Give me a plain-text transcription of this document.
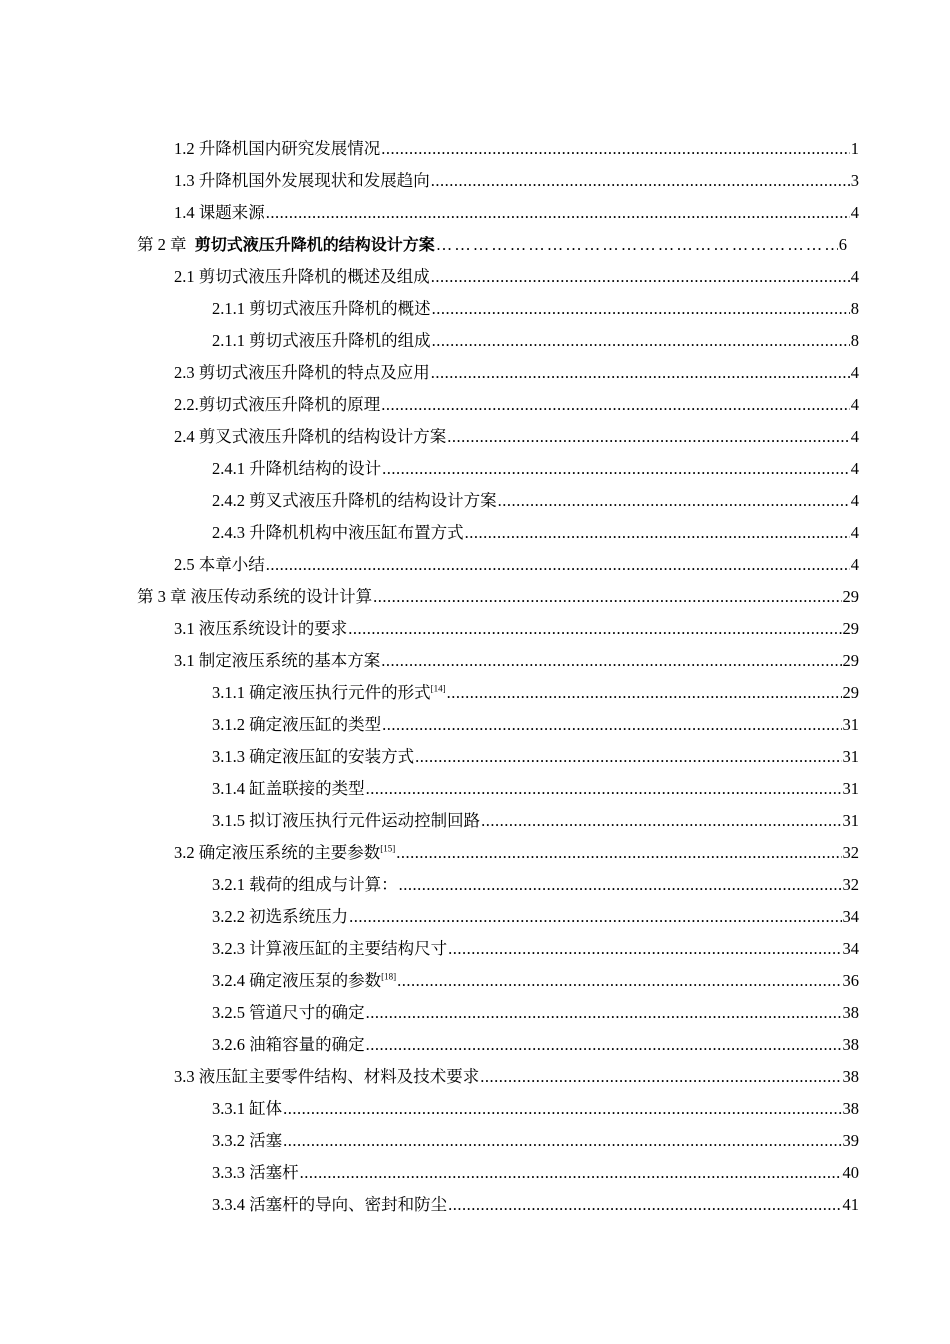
1.2 升降机国内研究发展情况 .....	1
1.3 升降机国外发展现状和发展趋向 .....	3
1.4 课题来源 .....	4
第 2 章  剪切式液压升降机的结构设计方案 ……………………………………………………………………………………………………	6
2.1 剪切式液压升降机的概述及组成 .....	4
2.1.1 剪切式液压升降机的概述 .....	8
2.1.1 剪切式液压升降机的组成 .....	8
2.3 剪切式液压升降机的特点及应用 .....	4
2.2.剪切式液压升降机的原理 .....	4
2.4 剪叉式液压升降机的结构设计方案 .....	4
2.4.1 升降机结构的设计 .....	4
2.4.2 剪叉式液压升降机的结构设计方案 .....	4
2.4.3 升降机机构中液压缸布置方式 .....	4
2.5 本章小结 .....	4
第 3 章 液压传动系统的设计计算 .....	29
3.1 液压系统设计的要求 .....	29
3.1 制定液压系统的基本方案 .....	29
3.1.1 确定液压执行元件的形式[14] .....	29
3.1.2 确定液压缸的类型 .....	31
3.1.3 确定液压缸的安装方式 .....	31
3.1.4 缸盖联接的类型 .....	31
3.1.5 拟订液压执行元件运动控制回路 .....	31
3.2 确定液压系统的主要参数[15] .....	32
3.2.1 载荷的组成与计算： .....	32
3.2.2 初选系统压力 .....	34
3.2.3 计算液压缸的主要结构尺寸 .....	34
3.2.4 确定液压泵的参数[18] .....	36
3.2.5 管道尺寸的确定 .....	38
3.2.6 油箱容量的确定 .....	38
3.3 液压缸主要零件结构、材料及技术要求 .....	38
3.3.1 缸体 .....	38
3.3.2 活塞 .....	39
3.3.3 活塞杆 .....	40
3.3.4 活塞杆的导向、密封和防尘 .....	41
